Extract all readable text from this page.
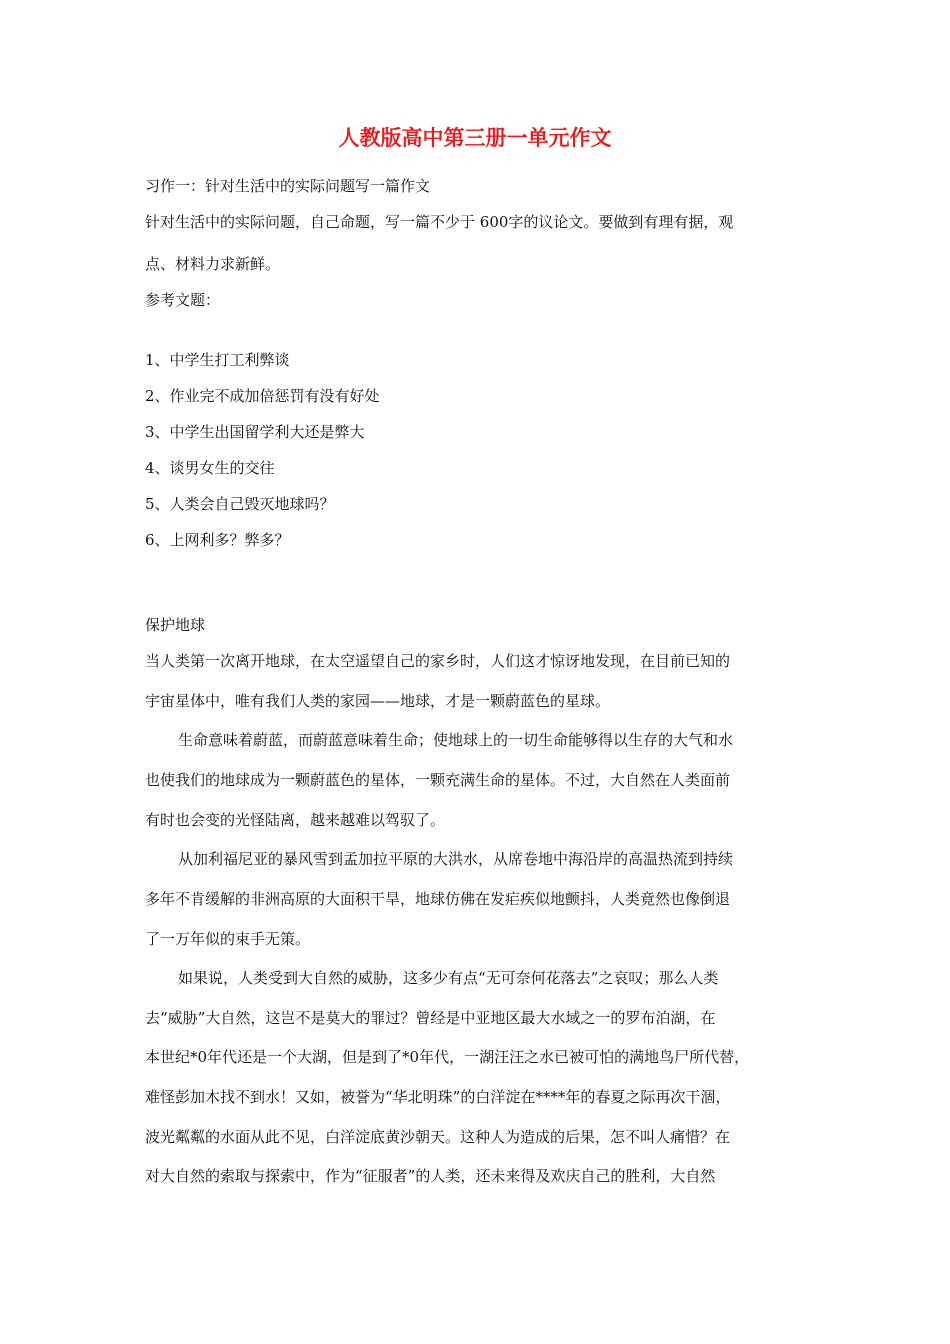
人教版高中第三册一单元作文
习作一：针对生活中的实际问题写一篇作文
针对生活中的实际问题，自己命题，写一篇不少于 600字的议论文。要做到有理有据，观
点、材料力求新鲜。
参考文题：
1、中学生打工利弊谈
2、作业完不成加倍惩罚有没有好处
3、中学生出国留学利大还是弊大
4、谈男女生的交往
5、人类会自己毁灭地球吗？
6、上网利多？弊多？
保护地球
当人类第一次离开地球，在太空遥望自己的家乡时，人们这才惊讶地发现，在目前已知的
宇宙星体中，唯有我们人类的家园——地球，才是一颗蔚蓝色的星球。
生命意味着蔚蓝，而蔚蓝意味着生命；使地球上的一切生命能够得以生存的大气和水
也使我们的地球成为一颗蔚蓝色的星体，一颗充满生命的星体。不过，大自然在人类面前
有时也会变的光怪陆离，越来越难以驾驭了。
从加利福尼亚的暴风雪到孟加拉平原的大洪水，从席卷地中海沿岸的高温热流到持续
多年不肯缓解的非洲高原的大面积干旱，地球仿佛在发疟疾似地颤抖，人类竟然也像倒退
了一万年似的束手无策。
如果说，人类受到大自然的威胁，这多少有点“无可奈何花落去”之哀叹；那么人类
去“威胁”大自然，这岂不是莫大的罪过？曾经是中亚地区最大水域之一的罗布泊湖，在
本世纪*0年代还是一个大湖，但是到了*0年代，一湖汪汪之水已被可怕的满地鸟尸所代替，
难怪彭加木找不到水！又如，被誉为“华北明珠”的白洋淀在****年的春夏之际再次干涸，
波光粼粼的水面从此不见，白洋淀底黄沙朝天。这种人为造成的后果，怎不叫人痛惜？在
对大自然的索取与探索中，作为“征服者”的人类，还未来得及欢庆自己的胜利，大自然
